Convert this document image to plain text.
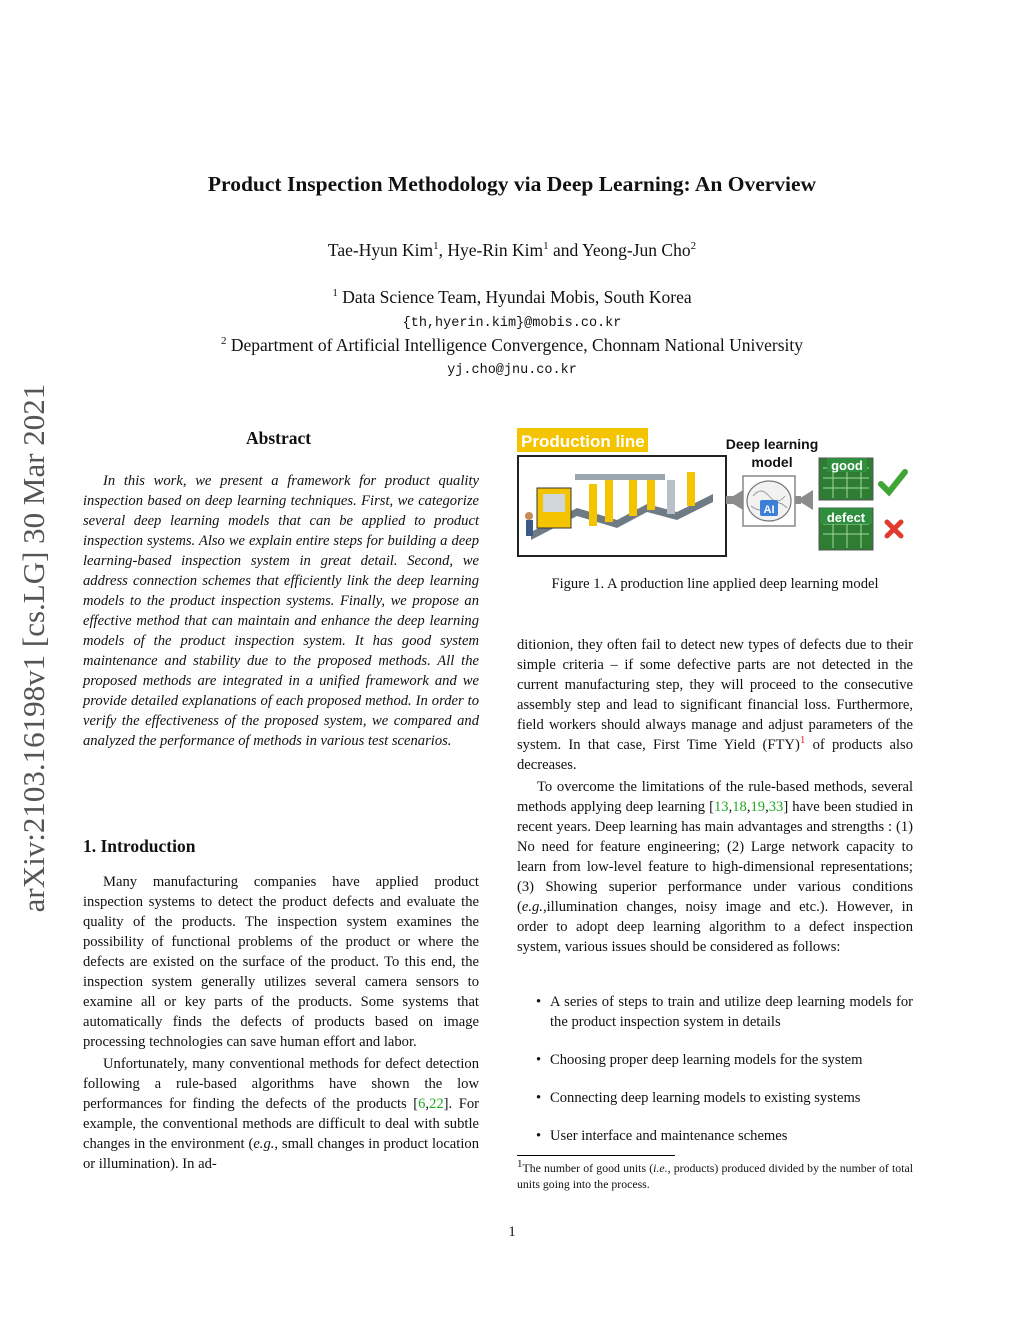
arXiv:2103.16198v1 [cs.LG] 30 Mar 2021
Product Inspection Methodology via Deep Learning: An Overview
Tae-Hyun Kim$^1$, Hye-Rin Kim$^1$ and Yeong-Jun Cho$^2$
$^1$ Data Science Team, Hyundai Mobis, South Korea
{th,hyerin.kim}@mobis.co.kr
$^2$ Department of Artificial Intelligence Convergence, Chonnam National University
yj.cho@jnu.co.kr
Abstract

In this work, we present a framework for product quality inspection based on deep learning techniques. First, we categorize several deep learning models that can be applied to product inspection systems. Also we explain entire steps for building a deep learning-based inspection system in great detail. Second, we address connection schemes that efficiently link the deep learning models to the product inspection systems. Finally, we propose an effective method that can maintain and enhance the deep learning models of the product inspection system. It has good system maintenance and stability due to the proposed methods. All the proposed methods are integrated in a unified framework and we provide detailed explanations of each proposed method. In order to verify the effectiveness of the proposed system, we compared and analyzed the performance of methods in various test scenarios.

1. Introduction

Many manufacturing companies have applied product inspection systems to detect the product defects and evaluate the quality of the products. The inspection system examines the possibility of functional problems of the product or where the defects are existed on the surface of the product. To this end, the inspection system generally utilizes several camera sensors to examine all or key parts of the products. Some systems that automatically finds the defects of products based on image processing technologies can save human effort and labor.

Unfortunately, many conventional methods for defect detection following a rule-based algorithms have shown the low performances for finding the defects of the products [6,22]. For example, the conventional methods are difficult to deal with subtle changes in the environment (e.g., small changes in product location or illumination). In ad-

Production line	Deep learning
model
AI
good
defect
Figure 1. A production line applied deep learning model

ditionion, they often fail to detect new types of defects due to their simple criteria – if some defective parts are not detected in the current manufacturing step, they will proceed to the consecutive assembly step and lead to significant financial loss. Furthermore, field workers should always manage and adjust parameters of the system. In that case, First Time Yield (FTY)$^1$ of products also decreases.

To overcome the limitations of the rule-based methods, several methods applying deep learning [13,18,19,33] have been studied in recent years. Deep learning has main advantages and strengths : (1) No need for feature engineering; (2) Large network capacity to learn from low-level feature to high-dimensional representations; (3) Showing superior performance under various conditions (e.g.,illumination changes, noisy image and etc.). However, in order to adopt deep learning algorithm to a defect inspection system, various issues should be considered as follows:

• A series of steps to train and utilize deep learning models for the product inspection system in details
• Choosing proper deep learning models for the system
• Connecting deep learning models to existing systems
• User interface and maintenance schemes
$^1$The number of good units (i.e., products) produced divided by the number of total units going into the process.
1
